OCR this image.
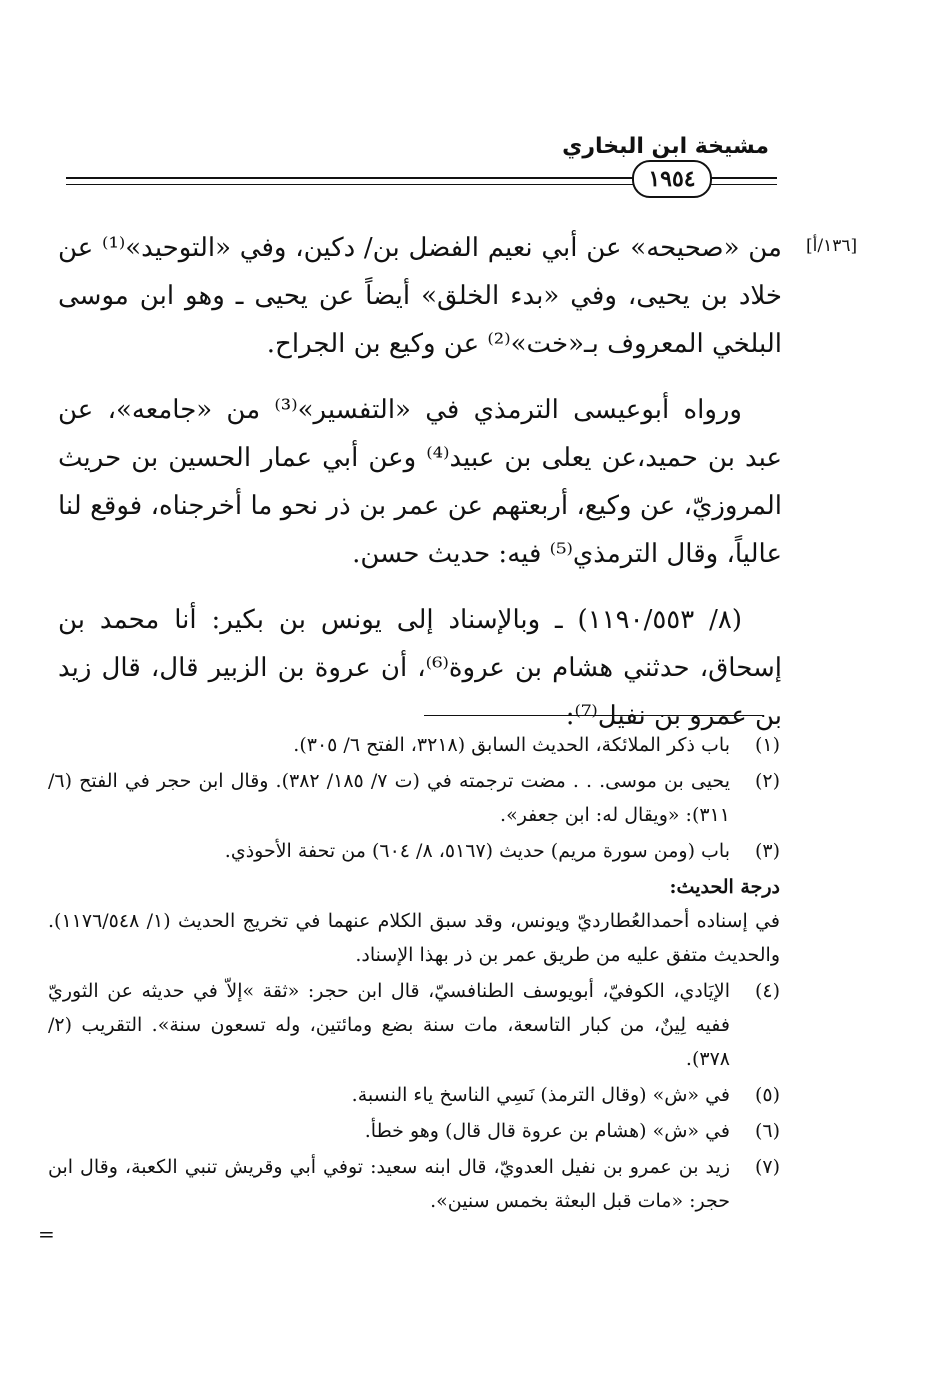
مشيخة ابن البخاري
١٩٥٤
[١٣٦/أ]

من «صحيحه» عن أبي نعيم الفضل بن/ دكين، وفي «التوحيد»⁽¹⁾ عن خلاد بن يحيى، وفي «بدء الخلق» أيضاً عن يحيى ـ وهو ابن موسى البلخي المعروف بـ«خت»⁽²⁾ عن وكيع بن الجراح.

ورواه أبوعيسى الترمذي في «التفسير»⁽³⁾ من «جامعه»، عن عبد بن حميد،عن يعلى بن عبيد⁽⁴⁾ وعن أبي عمار الحسين بن حريث المروزيّ، عن وكيع، أربعتهم عن عمر بن ذر نحو ما أخرجناه، فوقع لنا عالياً، وقال الترمذي⁽⁵⁾ فيه: حديث حسن.

(٨/ ١١٩٠/٥٥٣) ـ وبالإسناد إلى يونس بن بكير: أنا محمد بن إسحاق، حدثني هشام بن عروة⁽⁶⁾، أن عروة بن الزبير قال، قال زيد بن عمرو بن نفيل⁽⁷⁾:

(١)
باب ذكر الملائكة، الحديث السابق (٣٢١٨، الفتح ٦/ ٣٠٥).
(٢)
يحيى بن موسى. . . مضت ترجمته في (ت ٧/ ١٨٥/ ٣٨٢). وقال ابن حجر في الفتح (٦/ ٣١١): «ويقال له: ابن جعفر».
(٣)
باب (ومن سورة مريم) حديث (٥١٦٧، ٨/ ٦٠٤) من تحفة الأحوذي.

درجة الحديث:

في إسناده أحمدالعُطارديّ ويونس، وقد سبق الكلام عنهما في تخريج الحديث (١/ ١١٧٦/٥٤٨). والحديث متفق عليه من طريق عمر بن ذر بهذا الإسناد.

(٤)
الإيَادي، الكوفيّ، أبويوسف الطنافسيّ، قال ابن حجر: «ثقة »إلاّ في حديثه عن الثوريّ ففيه لِينٌ، من كبار التاسعة، مات سنة بضع ومائتين، وله تسعون سنة». التقريب (٢/ ٣٧٨).
(٥)
في «ش» (وقال الترمذ) نَسِي الناسخ ياء النسبة.
(٦)
في «ش» (هشام بن عروة قال قال) وهو خطأ.
(٧)
زيد بن عمرو بن نفيل العدويّ، قال ابنه سعيد: توفي أبي وقريش تنبي الكعبة، وقال ابن حجر: «مات قبل البعثة بخمس سنين».
=
